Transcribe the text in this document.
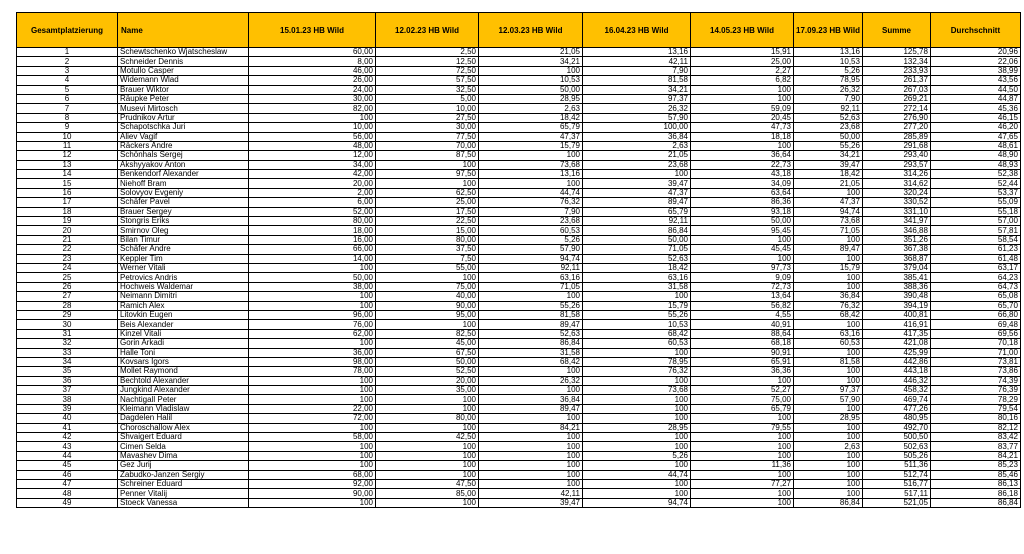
Gesamtplatzierung	Name	15.01.23 HB Wild	12.02.23 HB Wild	12.03.23 HB Wild	16.04.23 HB Wild	14.05.23 HB Wild	17.09.23 HB Wild	Summe	Durchschnitt
1	Schewtschenko Wjatscheslaw	60,00	2,50	21,05	13,16	15,91	13,16	125,78	20,96
2	Schneider Dennis	8,00	12,50	34,21	42,11	25,00	10,53	132,34	22,06
3	Motullo Casper	46,00	72,50	100	7,90	2,27	5,26	233,93	38,99
4	Widemann Wlad	26,00	57,50	10,53	81,58	6,82	78,95	261,37	43,56
5	Brauer Wiktor	24,00	32,50	50,00	34,21	100	26,32	267,03	44,50
6	Räupke Peter	30,00	5,00	28,95	97,37	100	7,90	269,21	44,87
7	Musevi Mirtosch	82,00	10,00	2,63	26,32	59,09	92,11	272,14	45,36
8	Prudnikov Artur	100	27,50	18,42	57,90	20,45	52,63	276,90	46,15
9	Schapotschka Juri	10,00	30,00	65,79	100,00	47,73	23,68	277,20	46,20
10	Aliev Vagif	56,00	77,50	47,37	36,84	18,18	50,00	285,89	47,65
11	Räckers Andre	48,00	70,00	15,79	2,63	100	55,26	291,68	48,61
12	Schönhals Sergej	12,00	87,50	100	21,05	36,64	34,21	293,40	48,90
13	Akshyyakov Anton	34,00	100	73,68	23,68	22,73	39,47	293,57	48,93
14	Benkendorf Alexander	42,00	97,50	13,16	100	43,18	18,42	314,26	52,38
15	Niehoff Bram	20,00	100	100	39,47	34,09	21,05	314,62	52,44
16	Solovyov Evgeniy	2,00	62,50	44,74	47,37	63,64	100	320,24	53,37
17	Schäfer Pavel	6,00	25,00	76,32	89,47	86,36	47,37	330,52	55,09
18	Brauer Sergey	52,00	17,50	7,90	65,79	93,18	94,74	331,10	55,18
19	Stongris Eriks	80,00	22,50	23,68	92,11	50,00	73,68	341,97	57,00
20	Smirnov Oleg	18,00	15,00	60,53	86,84	95,45	71,05	346,88	57,81
21	Bilan Timur	16,00	80,00	5,26	50,00	100	100	351,26	58,54
22	Schäfer Andre	66,00	37,50	57,90	71,05	45,45	89,47	367,38	61,23
23	Keppler Tim	14,00	7,50	94,74	52,63	100	100	368,87	61,48
24	Werner Vitali	100	55,00	92,11	18,42	97,73	15,79	379,04	63,17
25	Petrovics Andris	50,00	100	63,16	63,16	9,09	100	385,41	64,23
26	Hochweis Waldemar	38,00	75,00	71,05	31,58	72,73	100	388,36	64,73
27	Neimann Dimitri	100	40,00	100	100	13,64	36,84	390,48	65,08
28	Ramich Alex	100	90,00	55,26	15,79	56,82	76,32	394,19	65,70
29	Litovkin Eugen	96,00	95,00	81,58	55,26	4,55	68,42	400,81	66,80
30	Beis Alexander	76,00	100	89,47	10,53	40,91	100	416,91	69,48
31	Kinzel Vitali	62,00	82,50	52,63	68,42	88,64	63,16	417,35	69,56
32	Gorin Arkadi	100	45,00	86,84	60,53	68,18	60,53	421,08	70,18
33	Halle Toni	36,00	67,50	31,58	100	90,91	100	425,99	71,00
34	Kovsars Igors	98,00	50,00	68,42	78,95	65,91	81,58	442,86	73,81
35	Mollet Raymond	78,00	52,50	100	76,32	36,36	100	443,18	73,86
36	Bechtold Alexander	100	20,00	26,32	100	100	100	446,32	74,39
37	Jungkind Alexander	100	35,00	100	73,68	52,27	97,37	458,32	76,39
38	Nachtigall Peter	100	100	36,84	100	75,00	57,90	469,74	78,29
39	Kleimann Vladislaw	22,00	100	89,47	100	65,79	100	477,26	79,54
40	Dagdelen Halil	72,00	80,00	100	100	100	28,95	480,95	80,16
41	Choroschallow Alex	100	100	84,21	28,95	79,55	100	492,70	82,12
42	Shvaigert Eduard	58,00	42,50	100	100	100	100	500,50	83,42
43	Cimen Selda	100	100	100	100	100	2,63	502,63	83,77
44	Mavashev Dima	100	100	100	5,26	100	100	505,26	84,21
45	Gez Jurij	100	100	100	100	11,36	100	511,36	85,23
46	Zabudko-Janzen Sergiy	68,00	100	100	44,74	100	100	512,74	85,46
47	Schreiner Eduard	92,00	47,50	100	100	77,27	100	516,77	86,13
48	Penner Vitalij	90,00	85,00	42,11	100	100	100	517,11	86,18
49	Stoeck Vanessa	100	100	39,47	94,74	100	86,84	521,05	86,84
